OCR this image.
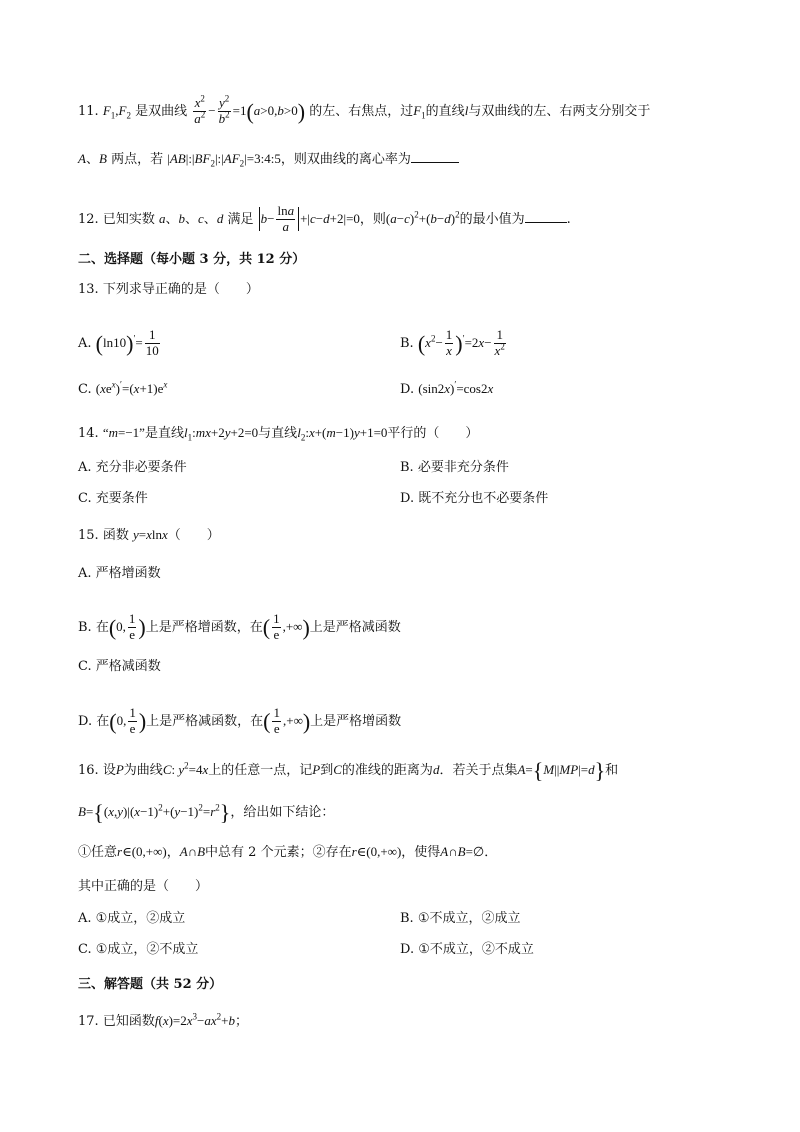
11. $F_1,F_2$ 是双曲线 $\frac{x^2}{a^2} - \frac{y^2}{b^2} =1(a>0,b>0)$ 的左、右焦点，过$F_1$的直线l与双曲线的左、右两支分别交于
A、B 两点，若 $|AB|:|BF_2|:|AF_2|=3:4:5$，则双曲线的离心率为
12. 已知实数 a、b、c、d 满足 $b- \frac{\ln a}{a} +|c-d+2|=0$，则$(a-c)^2+(b-d)^2$的最小值为	.
二、选择题（每小题 3 分，共 12 分）
13. 下列求导正确的是（　　）
A. $(\ln 10)'= \frac{1}{10}$	B. $(x^2- \frac{1}{x} )'=2x- \frac{1}{x^2}$
C. $(xe^x)'=(x+1)e^x$	D. (sin2x)′=cos2x
14. “m=−1”是直线$l_1:mx+2y+2=0$与直线$l_2:x+(m-1)y+1=0$平行的（　　）
A. 充分非必要条件	B. 必要非充分条件
C. 充要条件	D. 既不充分也不必要条件
15. 函数 y=xlnx（　　）
A. 严格增函数
B. 在(0, $\frac{1}{e}$ )上是严格增函数，在( $\frac{1}{e}$ ,+∞)上是严格减函数
C. 严格减函数
D. 在(0, $\frac{1}{e}$ )上是严格减函数，在( $\frac{1}{e}$ ,+∞)上是严格增函数
16. 设P为曲线C: $y^2=4x$上的任意一点，记P到C的准线的距离为d．若关于点集A={M||MP|=d}和
$B=\{(x,y)|(x-1)^2+(y-1)^2=r^2\}$，给出如下结论：
①任意r∈(0,+∞)，A∩B中总有 2 个元素；②存在r∈(0,+∞)，使得A∩B=∅．
其中正确的是（　　）
A. ①成立，②成立	B. ①不成立，②成立
C. ①成立，②不成立	D. ①不成立，②不成立
三、解答题（共 52 分）
17. 已知函数$f(x)=2x^3-ax^2+b$；
